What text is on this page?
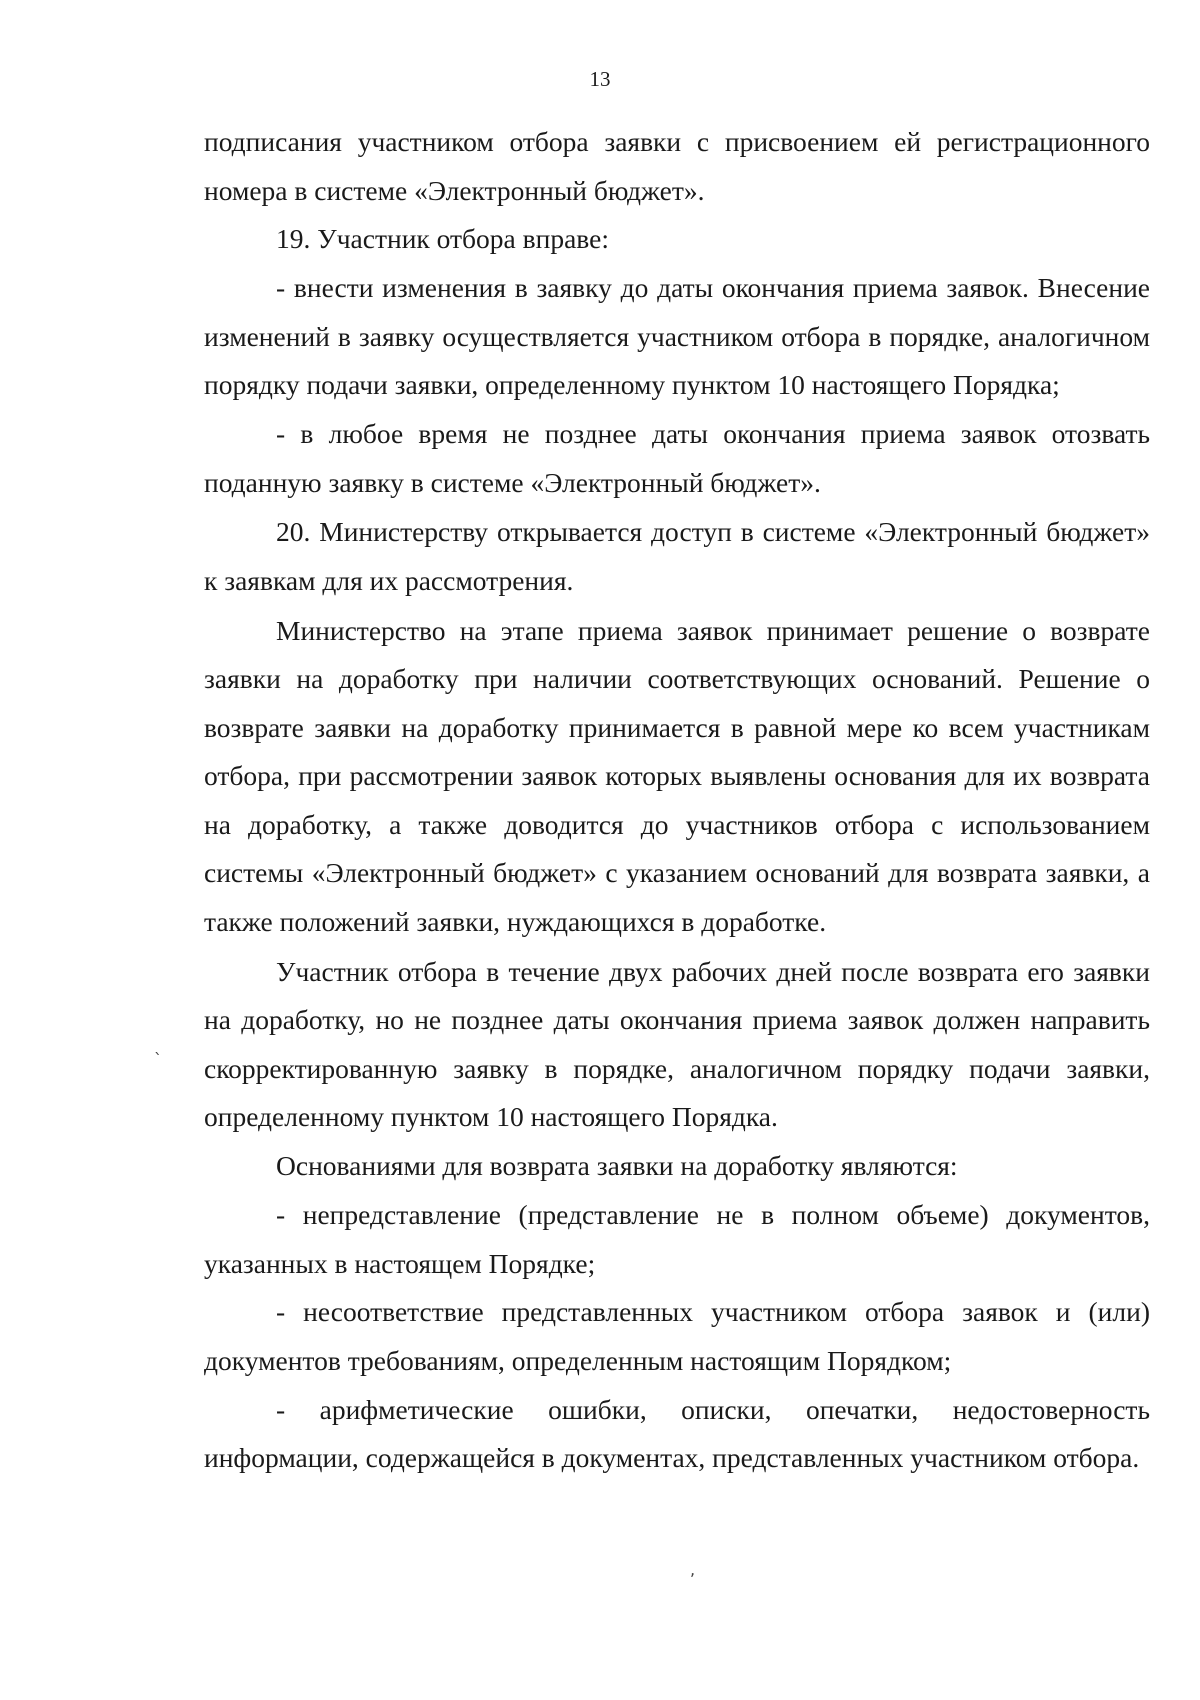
13

подписания участником отбора заявки с присвоением ей регистрационного номера в системе «Электронный бюджет».

19. Участник отбора вправе:

- внести изменения в заявку до даты окончания приема заявок. Внесение изменений в заявку осуществляется участником отбора в порядке, аналогичном порядку подачи заявки, определенному пунктом 10 настоящего Порядка;

- в любое время не позднее даты окончания приема заявок отозвать поданную заявку в системе «Электронный бюджет».

20. Министерству открывается доступ в системе «Электронный бюджет» к заявкам для их рассмотрения.

Министерство на этапе приема заявок принимает решение о возврате заявки на доработку при наличии соответствующих оснований. Решение о возврате заявки на доработку принимается в равной мере ко всем участникам отбора, при рассмотрении заявок которых выявлены основания для их возврата на доработку, а также доводится до участников отбора с использованием системы «Электронный бюджет» с указанием оснований для возврата заявки, а также положений заявки, нуждающихся в доработке.

Участник отбора в течение двух рабочих дней после возврата его заявки на доработку, но не позднее даты окончания приема заявок должен направить скорректированную заявку в порядке, аналогичном порядку подачи заявки, определенному пунктом 10 настоящего Порядка.

Основаниями для возврата заявки на доработку являются:

- непредставление (представление не в полном объеме) документов, указанных в настоящем Порядке;

- несоответствие представленных участником отбора заявок и (или) документов требованиям, определенным настоящим Порядком;

- арифметические ошибки, описки, опечатки, недостоверность информации, содержащейся в документах, представленных участником отбора.

`
,
